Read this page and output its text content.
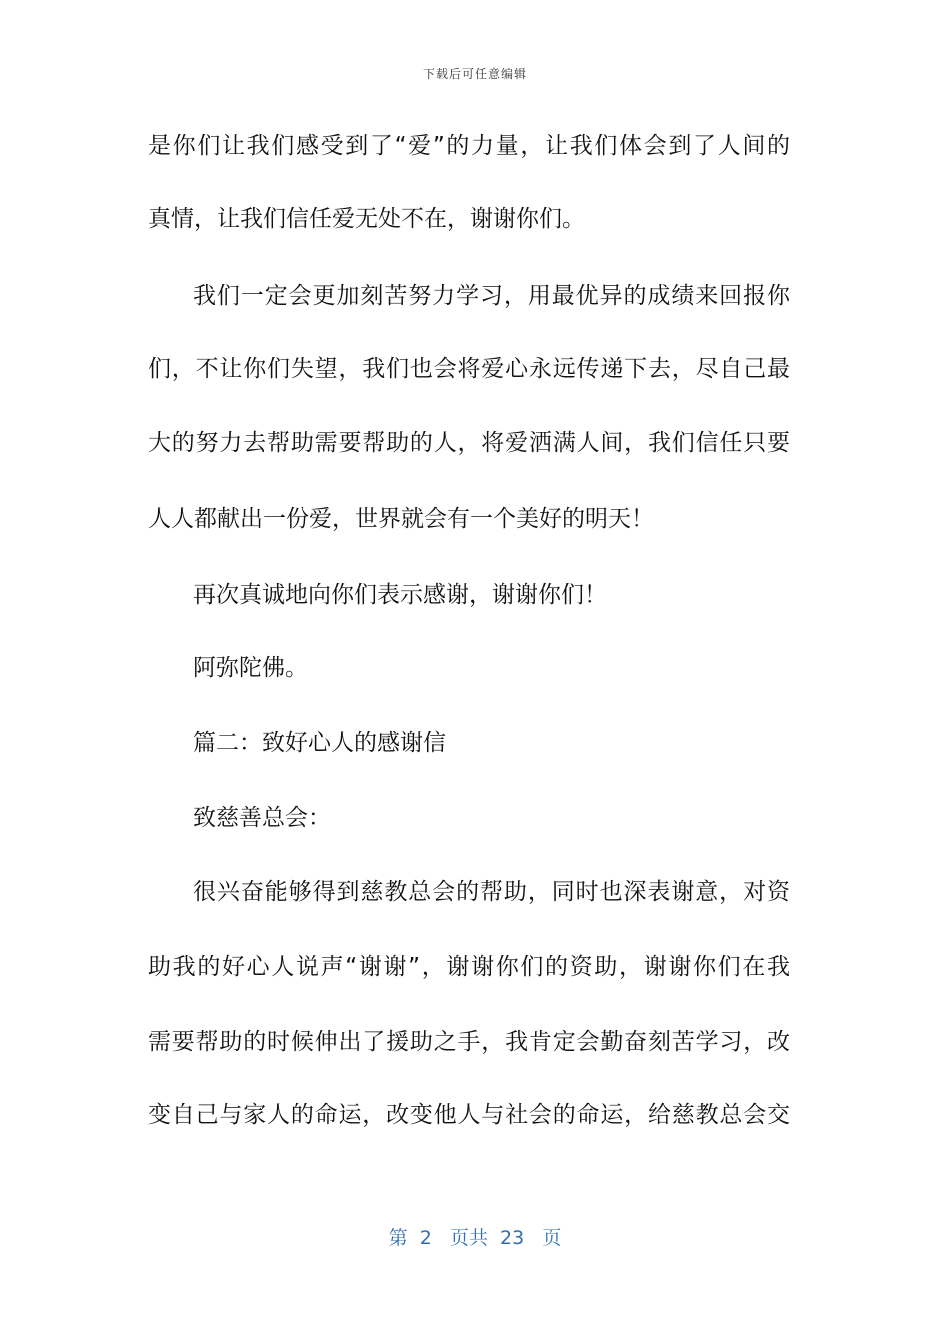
下载后可任意编辑
是你们让我们感受到了“爱”的力量，让我们体会到了人间的
真情，让我们信任爱无处不在，谢谢你们。
我们一定会更加刻苦努力学习，用最优异的成绩来回报你
们，不让你们失望，我们也会将爱心永远传递下去，尽自己最
大的努力去帮助需要帮助的人，将爱洒满人间，我们信任只要
人人都献出一份爱，世界就会有一个美好的明天！
再次真诚地向你们表示感谢，谢谢你们！
阿弥陀佛。
篇二：致好心人的感谢信
致慈善总会：
很兴奋能够得到慈教总会的帮助，同时也深表谢意，对资
助我的好心人说声“谢谢”，谢谢你们的资助，谢谢你们在我
需要帮助的时候伸出了援助之手，我肯定会勤奋刻苦学习，改
变自己与家人的命运，改变他人与社会的命运，给慈教总会交
第  2   页共  23   页
